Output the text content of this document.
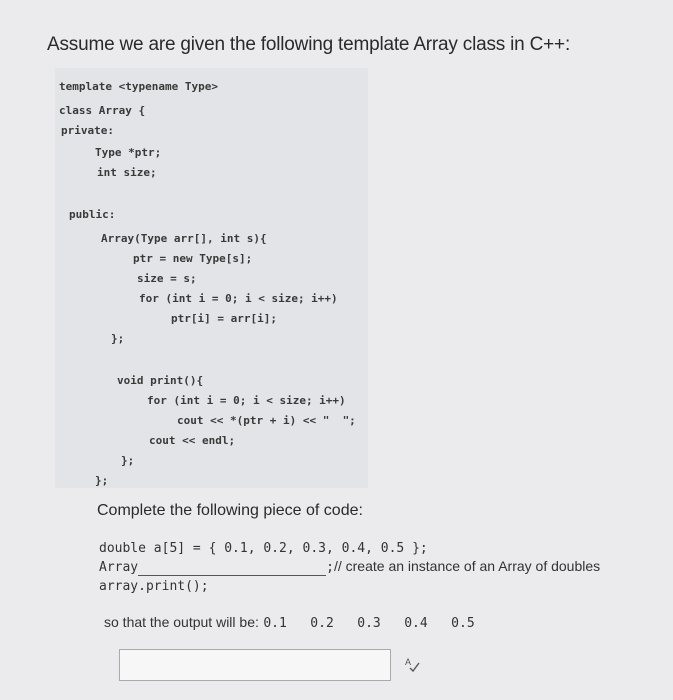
Assume we are given the following template Array class in C++:
template <typename Type>
class Array {
private:
Type *ptr;
int size;
public:
Array(Type arr[], int s){
ptr = new Type[s];
size = s;
for (int i = 0; i < size; i++)
ptr[i] = arr[i];
};
void print(){
for (int i = 0; i < size; i++)
cout << *(ptr + i) << "  ";
cout << endl;
};
};
Complete the following piece of code:
double a[5] = { 0.1, 0.2, 0.3, 0.4, 0.5 };
Array	;// create an instance of an Array of doubles
array.print();
so that the output will be: 0.1   0.2   0.3   0.4   0.5
A
